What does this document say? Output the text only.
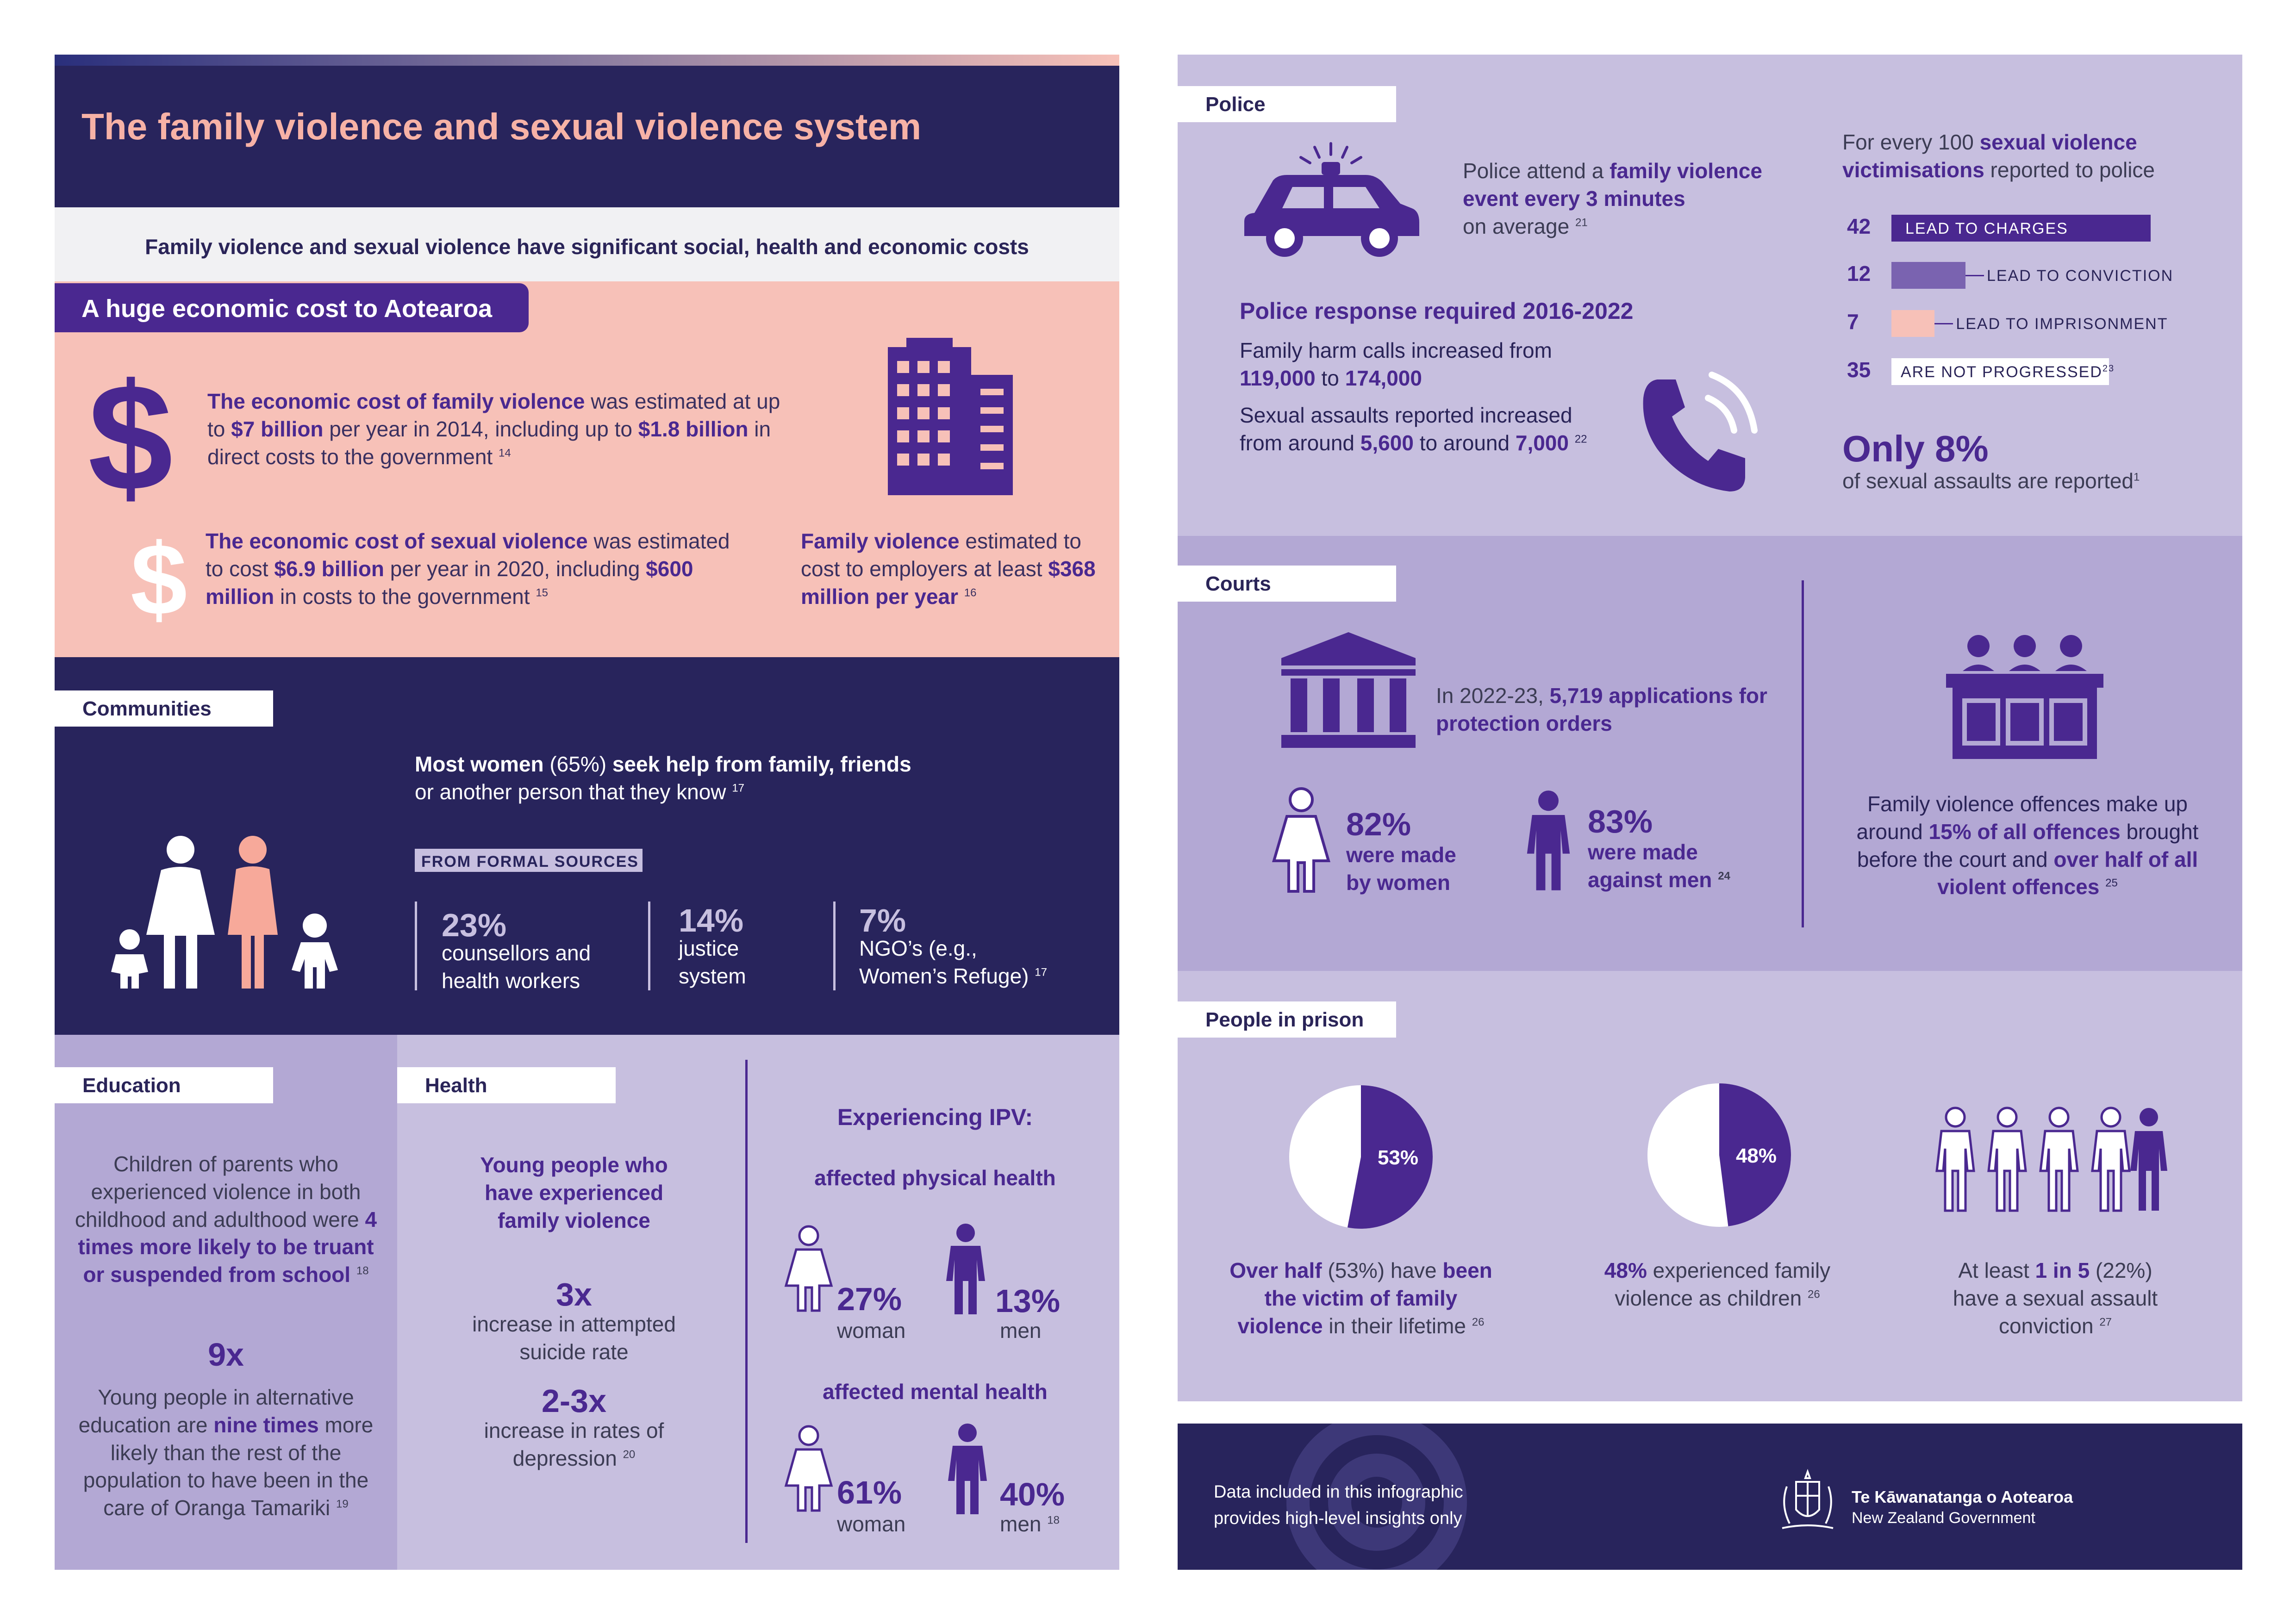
The family violence and sexual violence system
Family violence and sexual violence have significant social, health and economic costs
A huge economic cost to Aotearoa
$ The economic cost of family violence was estimated at up to $7 billion per year in 2014, including up to $1.8 billion in direct costs to the government $^{14}$
$ The economic cost of sexual violence was estimated to cost $6.9 billion per year in 2020, including $600 million in costs to the government $^{15}$
Family violence estimated to cost to employers at least $368 million per year $^{16}$
Communities
Most women (65%) seek help from family, friends
or another person that they know $^{17}$
FROM FORMAL SOURCES
23%
counsellors and
health workers
14%
justice
system
7%
NGO’s (e.g.,
Women’s Refuge) $^{17}$
Education
Children of parents who experienced violence in both childhood and adulthood were 4 times more likely to be truant or suspended from school $^{18}$
9x
Young people in alternative education are nine times more likely than the rest of the population to have been in the care of Oranga Tamariki $^{19}$
Health
Young people who have experienced family violence
3x
increase in attempted suicide rate
2-3x
increase in rates of depression $^{20}$
Experiencing IPV:
affected physical health
27%
woman
13%
men
affected mental health
61%
woman
40%
men $^{18}$
Police
Police attend a family violence event every 3 minutes
on average $^{21}$
Police response required 2016-2022
Family harm calls increased from
119,000 to 174,000
Sexual assaults reported increased from around 5,600 to around 7,000 $^{22}$
For every 100 sexual violence victimisations reported to police
42 LEAD TO CHARGES
12	LEAD TO CONVICTION
7	LEAD TO IMPRISONMENT
35 ARE NOT PROGRESSED$^{23}$
Only 8%
of sexual assaults are reported$^1$
Courts
In 2022-23, 5,719 applications for protection orders
82%
were made by women
83%
were made against men $^{24}$
Family violence offences make up around 15% of all offences brought before the court and over half of all violent offences $^{25}$
People in prison
53%	48%
Over half (53%) have been the victim of family violence in their lifetime $^{26}$
48% experienced family violence as children $^{26}$
At least 1 in 5 (22%) have a sexual assault conviction $^{27}$
Data included in this infographic provides high-level insights only
Te Kāwanatanga o Aotearoa
New Zealand Government
